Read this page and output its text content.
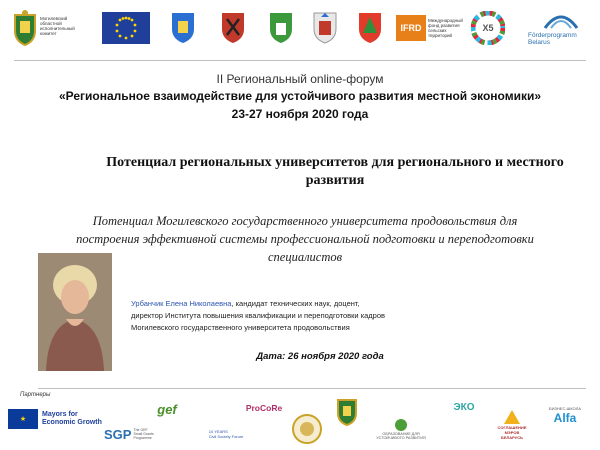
Могилевский
областной
исполнительный
комитет
IFRD
Международный
фонд развития
сельских
территорий
X5
Förderprogramm Belarus
II Региональный online-форум
«Региональное взаимодействие для устойчивого развития местной экономики»
23-27 ноября 2020 года
Потенциал региональных университетов для регионального и местного развития
Потенциал Могилевского государственного университета продовольствия для построения эффективной системы профессиональной подготовки и переподготовки специалистов
Урбанчик Елена Николаевна, кандидат технических наук, доцент,
директор Института повышения квалификации и переподготовки кадров
Могилевского государственного университета продовольствия
Дата: 26 ноября 2020 года
Партнеры
★
Mayors for
Economic Growth
gef
SGP The GEF
Small Grants
Programme
ProCoRe
10 YEARS
Civil Society Forum
ОБРАЗОВАНИЕ ДЛЯ
УСТОЙЧИВОГО РАЗВИТИЯ
ЭКО
СОГЛАШЕНИЕ
МЭРОВ
БЕЛАРУСЬ
БИЗНЕС-ШКОЛА
Alfa
